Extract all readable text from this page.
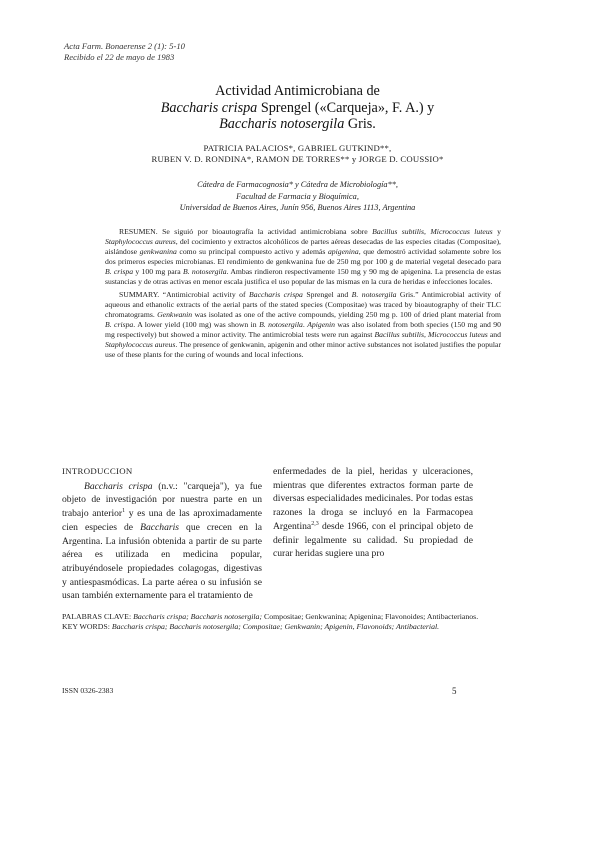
Acta Farm. Bonaerense 2 (1): 5-10
Recibido el 22 de mayo de 1983
Actividad Antimicrobiana de
Baccharis crispa Sprengel («Carqueja», F. A.) y
Baccharis notosergila Gris.
PATRICIA PALACIOS*, GABRIEL GUTKIND**,
RUBEN V. D. RONDINA*, RAMON DE TORRES** y JORGE D. COUSSIO*
Cátedra de Farmacognosia* y Cátedra de Microbiología**,
Facultad de Farmacia y Bioquímica,
Universidad de Buenos Aires, Junín 956, Buenos Aires 1113, Argentina

RESUMEN. Se siguió por bioautografía la actividad antimicrobiana sobre Bacillus subtilis, Micrococcus luteus y Staphylococcus aureus, del cocimiento y extractos alcohólicos de partes aéreas desecadas de las especies citadas (Compositae), aislándose genkwanina como su principal compuesto activo y además apigenina, que demostró actividad solamente sobre los dos primeros especies microbianas. El rendimiento de genkwanina fue de 250 mg por 100 g de material vegetal desecado para B. crispa y 100 mg para B. notosergila. Ambas rindieron respectivamente 150 mg y 90 mg de apigenina. La presencia de estas sustancias y de otras activas en menor escala justifica el uso popular de las mismas en la cura de heridas e infecciones locales.

SUMMARY. “Antimicrobial activity of Baccharis crispa Sprengel and B. notosergila Gris.” Antimicrobial activity of aqueous and ethanolic extracts of the aerial parts of the stated species (Compositae) was traced by bioautography of their TLC chromatograms. Genkwanin was isolated as one of the active compounds, yielding 250 mg p. 100 of dried plant material from B. crispa. A lower yield (100 mg) was shown in B. notosergila. Apigenin was also isolated from both species (150 mg and 90 mg respectively) but showed a minor activity. The antimicrobial tests were run against Bacillus subtilis, Micrococcus luteus and Staphylococcus aureus. The presence of genkwanin, apigenin and other minor active substances not isolated justifies the popular use of these plants for the curing of wounds and local infections.

INTRODUCCION

Baccharis crispa (n.v.: "carqueja"), ya fue objeto de investigación por nuestra parte en un trabajo anterior$^1$ y es una de las aproximadamente cien especies de Baccharis que crecen en la Argentina. La infusión obtenida a partir de su parte aérea es utilizada en medicina popular, atribuyéndosele propiedades colagogas, digestivas y antiespasmódicas. La parte aérea o su infusión se usan también externamente para el tratamiento de

enfermedades de la piel, heridas y ulceraciones, mientras que diferentes extractos forman parte de diversas especialidades medicinales. Por todas estas razones la droga se incluyó en la Farmacopea Argentina$^{2,3}$ desde 1966, con el principal objeto de definir legalmente su calidad. Su propiedad de curar heridas sugiere una pro

PALABRAS CLAVE: Baccharis crispa; Baccharis notosergila; Compositae; Genkwanina; Apigenina; Flavonoides; Antibacterianos.

KEY WORDS: Baccharis crispa; Baccharis notosergila; Compositae; Genkwanin; Apigenin, Flavonoids; Antibacterial.

ISSN 0326-2383	5
